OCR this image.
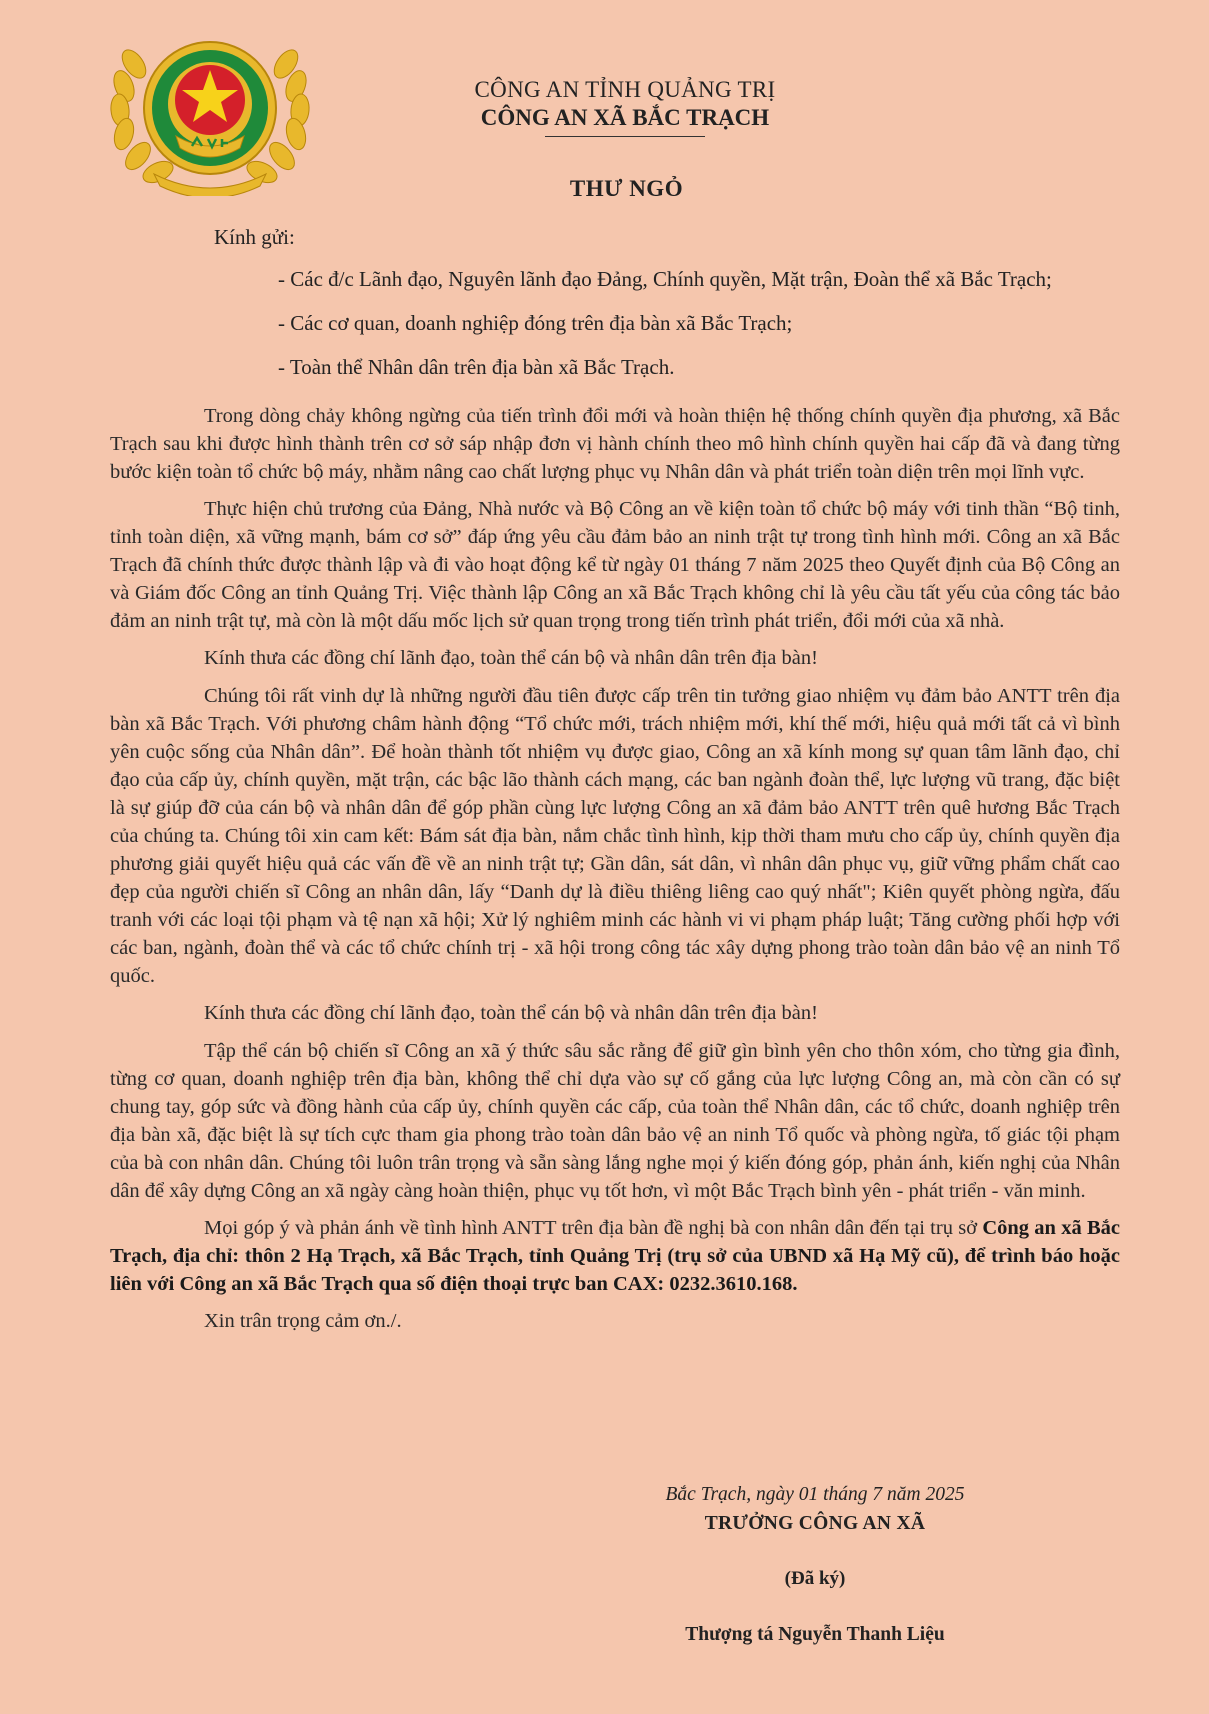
CÔNG AN TỈNH QUẢNG TRỊ
CÔNG AN XÃ BẮC TRẠCH
THƯ NGỎ
Kính gửi:
- Các đ/c Lãnh đạo, Nguyên lãnh đạo Đảng, Chính quyền, Mặt trận, Đoàn thể xã Bắc Trạch;
- Các cơ quan, doanh nghiệp đóng trên địa bàn xã Bắc Trạch;
- Toàn thể Nhân dân trên địa bàn xã Bắc Trạch.

Trong dòng chảy không ngừng của tiến trình đổi mới và hoàn thiện hệ thống chính quyền địa phương, xã Bắc Trạch sau khi được hình thành trên cơ sở sáp nhập đơn vị hành chính theo mô hình chính quyền hai cấp đã và đang từng bước kiện toàn tổ chức bộ máy, nhằm nâng cao chất lượng phục vụ Nhân dân và phát triển toàn diện trên mọi lĩnh vực.

Thực hiện chủ trương của Đảng, Nhà nước và Bộ Công an về kiện toàn tổ chức bộ máy với tinh thần “Bộ tinh, tỉnh toàn diện, xã vững mạnh, bám cơ sở” đáp ứng yêu cầu đảm bảo an ninh trật tự trong tình hình mới. Công an xã Bắc Trạch đã chính thức được thành lập và đi vào hoạt động kể từ ngày 01 tháng 7 năm 2025 theo Quyết định của Bộ Công an và Giám đốc Công an tỉnh Quảng Trị. Việc thành lập Công an xã Bắc Trạch không chỉ là yêu cầu tất yếu của công tác bảo đảm an ninh trật tự, mà còn là một dấu mốc lịch sử quan trọng trong tiến trình phát triển, đổi mới của xã nhà.

Kính thưa các đồng chí lãnh đạo, toàn thể cán bộ và nhân dân trên địa bàn!

Chúng tôi rất vinh dự là những người đầu tiên được cấp trên tin tưởng giao nhiệm vụ đảm bảo ANTT trên địa bàn xã Bắc Trạch. Với phương châm hành động “Tổ chức mới, trách nhiệm mới, khí thế mới, hiệu quả mới tất cả vì bình yên cuộc sống của Nhân dân”. Để hoàn thành tốt nhiệm vụ được giao, Công an xã kính mong sự quan tâm lãnh đạo, chỉ đạo của cấp ủy, chính quyền, mặt trận, các bậc lão thành cách mạng, các ban ngành đoàn thể, lực lượng vũ trang, đặc biệt là sự giúp đỡ của cán bộ và nhân dân để góp phần cùng lực lượng Công an xã đảm bảo ANTT trên quê hương Bắc Trạch của chúng ta. Chúng tôi xin cam kết: Bám sát địa bàn, nắm chắc tình hình, kịp thời tham mưu cho cấp ủy, chính quyền địa phương giải quyết hiệu quả các vấn đề về an ninh trật tự; Gần dân, sát dân, vì nhân dân phục vụ, giữ vững phẩm chất cao đẹp của người chiến sĩ Công an nhân dân, lấy “Danh dự là điều thiêng liêng cao quý nhất"; Kiên quyết phòng ngừa, đấu tranh với các loại tội phạm và tệ nạn xã hội; Xử lý nghiêm minh các hành vi vi phạm pháp luật; Tăng cường phối hợp với các ban, ngành, đoàn thể và các tổ chức chính trị - xã hội trong công tác xây dựng phong trào toàn dân bảo vệ an ninh Tổ quốc.

Kính thưa các đồng chí lãnh đạo, toàn thể cán bộ và nhân dân trên địa bàn!

Tập thể cán bộ chiến sĩ Công an xã ý thức sâu sắc rằng để giữ gìn bình yên cho thôn xóm, cho từng gia đình, từng cơ quan, doanh nghiệp trên địa bàn, không thể chỉ dựa vào sự cố gắng của lực lượng Công an, mà còn cần có sự chung tay, góp sức và đồng hành của cấp ủy, chính quyền các cấp, của toàn thể Nhân dân, các tổ chức, doanh nghiệp trên địa bàn xã, đặc biệt là sự tích cực tham gia phong trào toàn dân bảo vệ an ninh Tổ quốc và phòng ngừa, tố giác tội phạm của bà con nhân dân. Chúng tôi luôn trân trọng và sẵn sàng lắng nghe mọi ý kiến đóng góp, phản ánh, kiến nghị của Nhân dân để xây dựng Công an xã ngày càng hoàn thiện, phục vụ tốt hơn, vì một Bắc Trạch bình yên - phát triển - văn minh.

Mọi góp ý và phản ánh về tình hình ANTT trên địa bàn đề nghị bà con nhân dân đến tại trụ sở Công an xã Bắc Trạch, địa chỉ: thôn 2 Hạ Trạch, xã Bắc Trạch, tỉnh Quảng Trị (trụ sở của UBND xã Hạ Mỹ cũ), để trình báo hoặc liên với Công an xã Bắc Trạch qua số điện thoại trực ban CAX: 0232.3610.168.

Xin trân trọng cảm ơn./.

Bắc Trạch, ngày 01 tháng 7 năm 2025
TRƯỞNG CÔNG AN XÃ
(Đã ký)
Thượng tá Nguyễn Thanh Liệu
